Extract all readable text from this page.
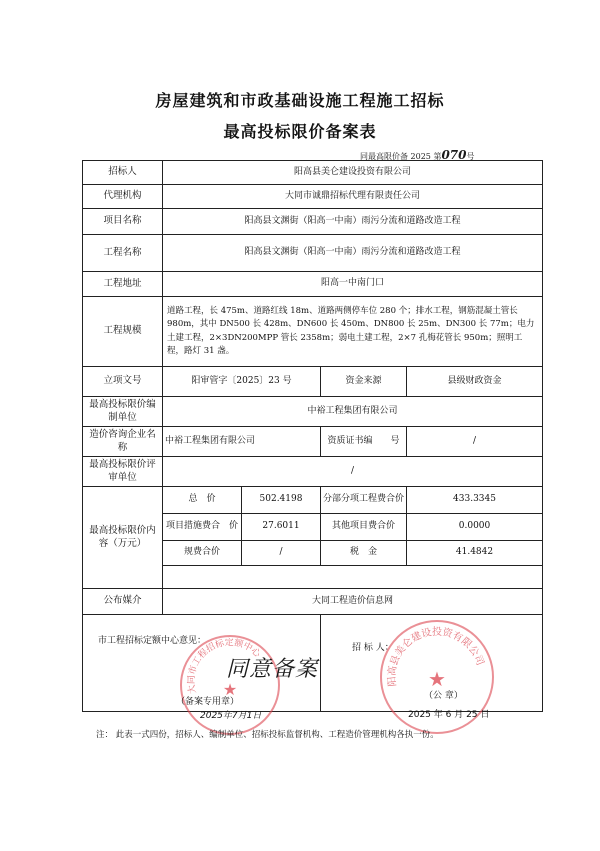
房屋建筑和市政基础设施工程施工招标
最高投标限价备案表
同最高限价备 2025 第070号
招标人	阳高县美仑建设投资有限公司			
代理机构	大同市诚鼎招标代理有限责任公司			
项目名称	阳高县文渊街（阳高一中南）雨污分流和道路改造工程			
工程名称	阳高县文渊街（阳高一中南）雨污分流和道路改造工程			
工程地址	阳高一中南门口			
工程规模	道路工程，长 475m、道路红线 18m、道路两侧停车位 280 个；排水工程，钢筋混凝土管长 980m，其中 DN500 长 428m、DN600 长 450m、DN800 长 25m、DN300 长 77m；电力土建工程，2×3DN200MPP 管长 2358m；弱电土建工程，2×7 孔梅花管长 950m；照明工程，路灯 31 盏。			
立项文号	阳审管字〔2025〕23 号		资金来源	县级财政资金
最高投标限价编制单位	中裕工程集团有限公司			
造价咨询企业名称	中裕工程集团有限公司		资质证书编　　号	/
最高投标限价评审单位	/			
最高投标限价内容（万元）	总　价	502.4198	分部分项工程费合价	433.3345
	项目措施费合　价	27.6011	其他项目费合价	0.0000
	规费合价	/	税　金	41.4842

公布媒介	大同工程造价信息网			

市工程招标定额中心意见：
招 标 人：
大同市工程招标定额中心
★
同意备案	阳高县美仑建设投资有限公司
★
（备案专用章）
2025年7月1日
（公 章）
2025 年 6 月 25 日
注： 此表一式四份，招标人、编制单位、招标投标监督机构、工程造价管理机构各执一份。
